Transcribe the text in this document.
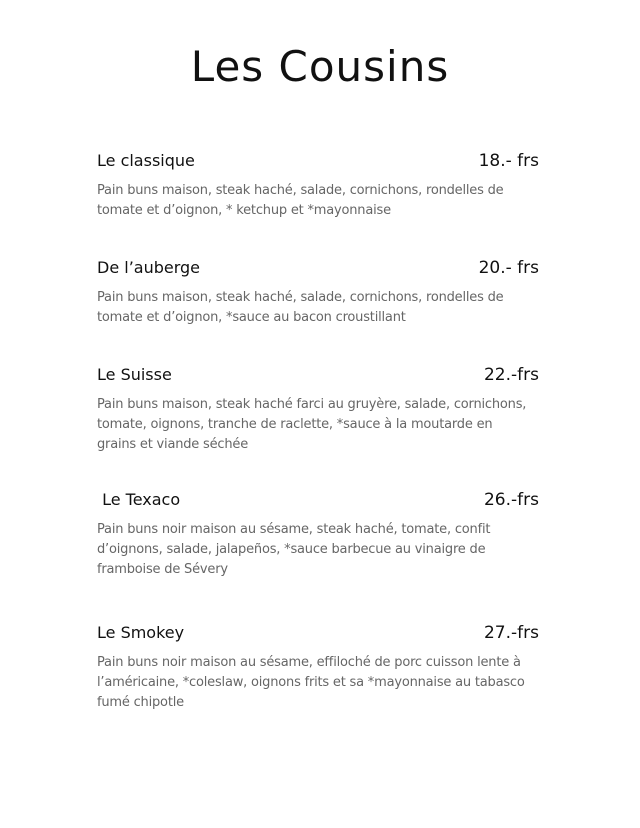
Les Cousins
Le classique	18.- frs
Pain buns maison, steak haché, salade, cornichons, rondelles de
tomate et d’oignon, * ketchup et *mayonnaise
De l’auberge	20.- frs
Pain buns maison, steak haché, salade, cornichons, rondelles de
tomate et d’oignon, *sauce au bacon croustillant
Le Suisse	22.-frs
Pain buns maison, steak haché farci au gruyère, salade, cornichons,
tomate, oignons, tranche de raclette, *sauce à la moutarde en
grains et viande séchée
Le Texaco	26.-frs
Pain buns noir maison au sésame, steak haché, tomate, confit
d’oignons, salade, jalapeños, *sauce barbecue au vinaigre de
framboise de Sévery
Le Smokey	27.-frs
Pain buns noir maison au sésame, effiloché de porc cuisson lente à
l’américaine, *coleslaw, oignons frits et sa *mayonnaise au tabasco
fumé chipotle
